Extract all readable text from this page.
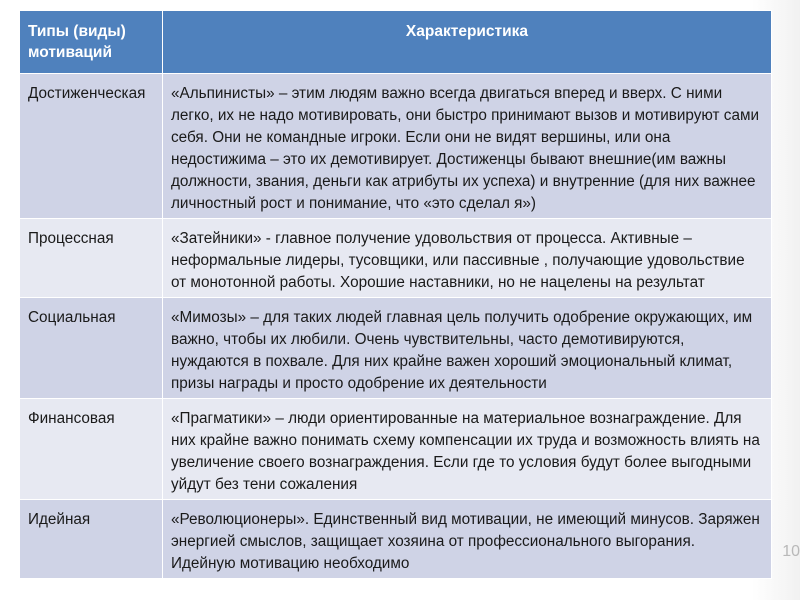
Типы (виды) мотиваций	Характеристика
Достиженческая	«Альпинисты» – этим людям важно всегда двигаться вперед и вверх. С ними легко, их не надо мотивировать, они быстро принимают вызов и мотивируют сами себя. Они не командные игроки. Если они не видят вершины, или она недостижима – это их демотивирует. Достиженцы бывают внешние(им важны должности, звания, деньги как атрибуты их успеха) и внутренние (для них важнее личностный рост и понимание, что «это сделал я»)
Процессная	«Затейники» - главное получение удовольствия от процесса. Активные – неформальные лидеры, тусовщики, или пассивные , получающие удовольствие от монотонной работы. Хорошие наставники, но не нацелены на результат
Социальная	«Мимозы» – для таких людей главная цель получить одобрение окружающих, им важно, чтобы их любили. Очень чувствительны, часто демотивируются, нуждаются в похвале. Для них крайне важен хороший эмоциональный климат, призы награды и просто одобрение их деятельности
Финансовая	«Прагматики» – люди ориентированные на материальное вознаграждение. Для них крайне важно понимать схему компенсации их труда и возможность влиять на увеличение своего вознаграждения. Если где то условия будут более выгодными уйдут без тени сожаления
Идейная	«Революционеры». Единственный вид мотивации, не имеющий минусов. Заряжен энергией смыслов, защищает хозяина от профессионального выгорания. Идейную мотивацию необходимо
10
